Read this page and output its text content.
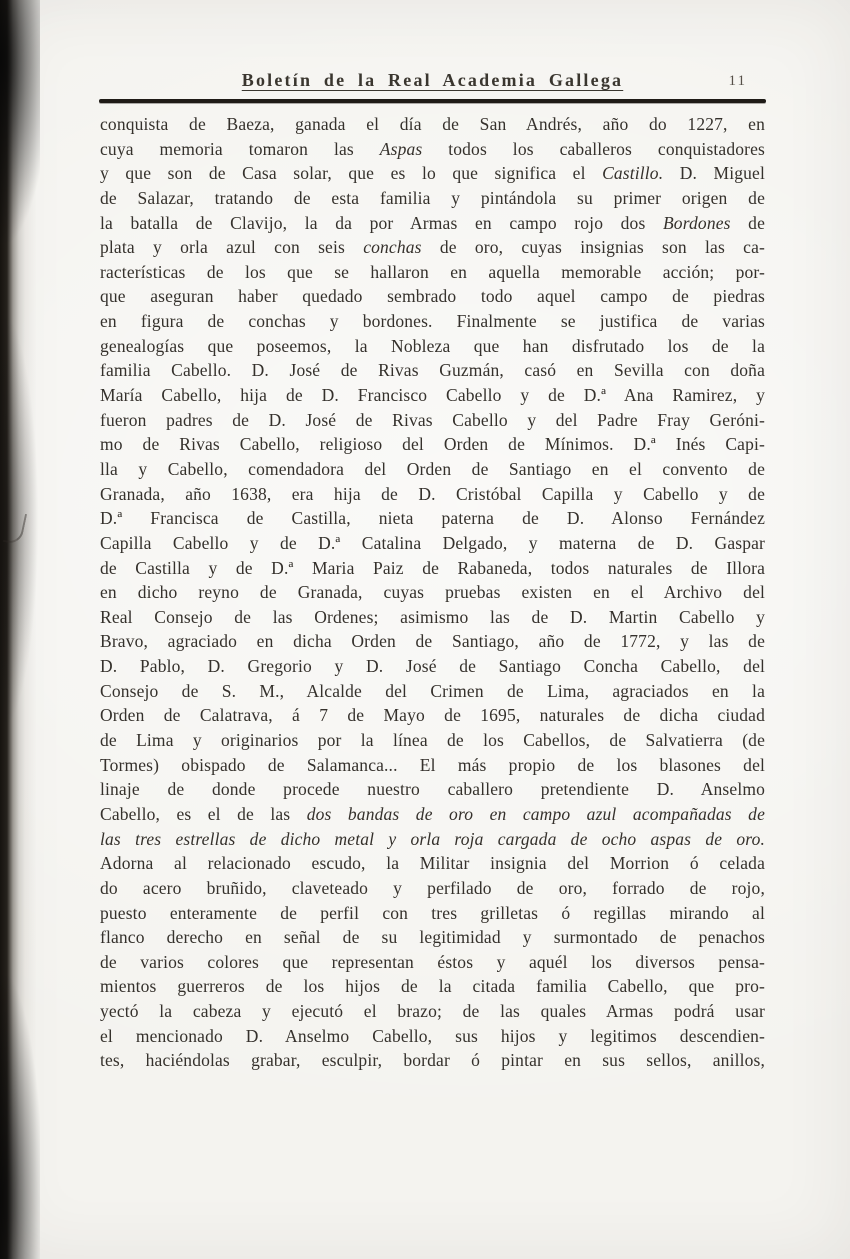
Boletín de la Real Academia Gallega	11
conquista de Baeza, ganada el día de San Andrés, año do 1227, en
cuya memoria tomaron las Aspas todos los caballeros conquistadores
y que son de Casa solar, que es lo que significa el Castillo. D. Miguel
de Salazar, tratando de esta familia y pintándola su primer origen de
la batalla de Clavijo, la da por Armas en campo rojo dos Bordones de
plata y orla azul con seis conchas de oro, cuyas insignias son las ca-
racterísticas de los que se hallaron en aquella memorable acción; por-
que aseguran haber quedado sembrado todo aquel campo de piedras
en figura de conchas y bordones. Finalmente se justifica de varias
genealogías que poseemos, la Nobleza que han disfrutado los de la
familia Cabello. D. José de Rivas Guzmán, casó en Sevilla con doña
María Cabello, hija de D. Francisco Cabello y de D.ª Ana Ramirez, y
fueron padres de D. José de Rivas Cabello y del Padre Fray Geróni-
mo de Rivas Cabello, religioso del Orden de Mínimos. D.ª Inés Capi-
lla y Cabello, comendadora del Orden de Santiago en el convento de
Granada, año 1638, era hija de D. Cristóbal Capilla y Cabello y de
D.ª Francisca de Castilla, nieta paterna de D. Alonso Fernández
Capilla Cabello y de D.ª Catalina Delgado, y materna de D. Gaspar
de Castilla y de D.ª Maria Paiz de Rabaneda, todos naturales de Illora
en dicho reyno de Granada, cuyas pruebas existen en el Archivo del
Real Consejo de las Ordenes; asimismo las de D. Martin Cabello y
Bravo, agraciado en dicha Orden de Santiago, año de 1772, y las de
D. Pablo, D. Gregorio y D. José de Santiago Concha Cabello, del
Consejo de S. M., Alcalde del Crimen de Lima, agraciados en la
Orden de Calatrava, á 7 de Mayo de 1695, naturales de dicha ciudad
de Lima y originarios por la línea de los Cabellos, de Salvatierra (de
Tormes) obispado de Salamanca... El más propio de los blasones del
linaje de donde procede nuestro caballero pretendiente D. Anselmo
Cabello, es el de las dos bandas de oro en campo azul acompañadas de
las tres estrellas de dicho metal y orla roja cargada de ocho aspas de oro.
Adorna al relacionado escudo, la Militar insignia del Morrion ó celada
do acero bruñido, claveteado y perfilado de oro, forrado de rojo,
puesto enteramente de perfil con tres grilletas ó regillas mirando al
flanco derecho en señal de su legitimidad y surmontado de penachos
de varios colores que representan éstos y aquél los diversos pensa-
mientos guerreros de los hijos de la citada familia Cabello, que pro-
yectó la cabeza y ejecutó el brazo; de las quales Armas podrá usar
el mencionado D. Anselmo Cabello, sus hijos y legitimos descendien-
tes, haciéndolas grabar, esculpir, bordar ó pintar en sus sellos, anillos,
